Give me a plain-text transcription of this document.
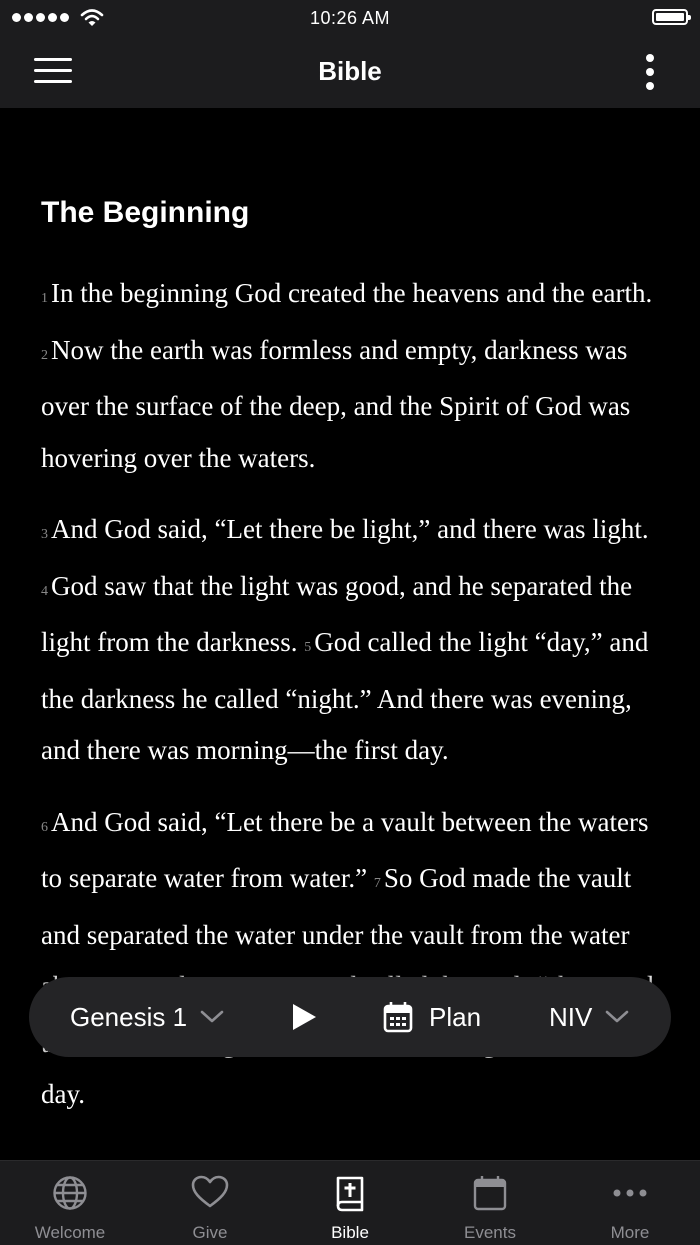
10:26 AM
Bible
The Beginning

1 In the beginning God created the heavens and the earth. 2 Now the earth was formless and empty, darkness was over the surface of the deep, and the Spirit of God was hovering over the waters.

3 And God said, “Let there be light,” and there was light. 4 God saw that the light was good, and he separated the light from the darkness. 5 God called the light “day,” and the darkness he called “night.” And there was evening, and there was morning—the first day.

6 And God said, “Let there be a vault between the waters to separate water from water.” 7 So God made the vault and separated the water under the vault from the water day.

Genesis 1	Plan	NIV
Welcome	Give	Bible	Events	More
